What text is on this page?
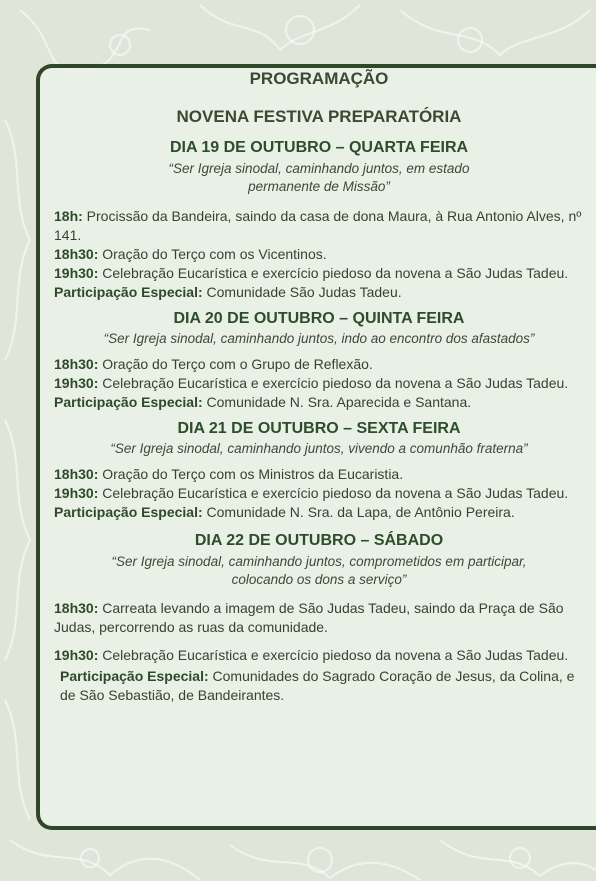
PROGRAMAÇÃO
NOVENA FESTIVA PREPARATÓRIA
DIA 19 DE OUTUBRO – QUARTA FEIRA

“Ser Igreja sinodal, caminhando juntos, em estado
permanente de Missão”

18h: Procissão da Bandeira, saindo da casa de dona Maura, à Rua Antonio Alves, nº 141.

18h30: Oração do Terço com os Vicentinos.

19h30: Celebração Eucarística e exercício piedoso da novena a São Judas Tadeu.

Participação Especial: Comunidade São Judas Tadeu.

DIA 20 DE OUTUBRO – QUINTA FEIRA

“Ser Igreja sinodal, caminhando juntos, indo ao encontro dos afastados”

18h30: Oração do Terço com o Grupo de Reflexão.

19h30: Celebração Eucarística e exercício piedoso da novena a São Judas Tadeu.

Participação Especial: Comunidade N. Sra. Aparecida e Santana.

DIA 21 DE OUTUBRO – SEXTA FEIRA

“Ser Igreja sinodal, caminhando juntos, vivendo a comunhão fraterna”

18h30: Oração do Terço com os Ministros da Eucaristia.

19h30: Celebração Eucarística e exercício piedoso da novena a São Judas Tadeu.

Participação Especial: Comunidade N. Sra. da Lapa, de Antônio Pereira.

DIA 22 DE OUTUBRO – SÁBADO

“Ser Igreja sinodal, caminhando juntos, comprometidos em participar,
colocando os dons a serviço”

18h30: Carreata levando a imagem de São Judas Tadeu, saindo da Praça de São Judas, percorrendo as ruas da comunidade.

19h30: Celebração Eucarística e exercício piedoso da novena a São Judas Tadeu.

Participação Especial: Comunidades do Sagrado Coração de Jesus, da Colina, e de São Sebastião, de Bandeirantes.
